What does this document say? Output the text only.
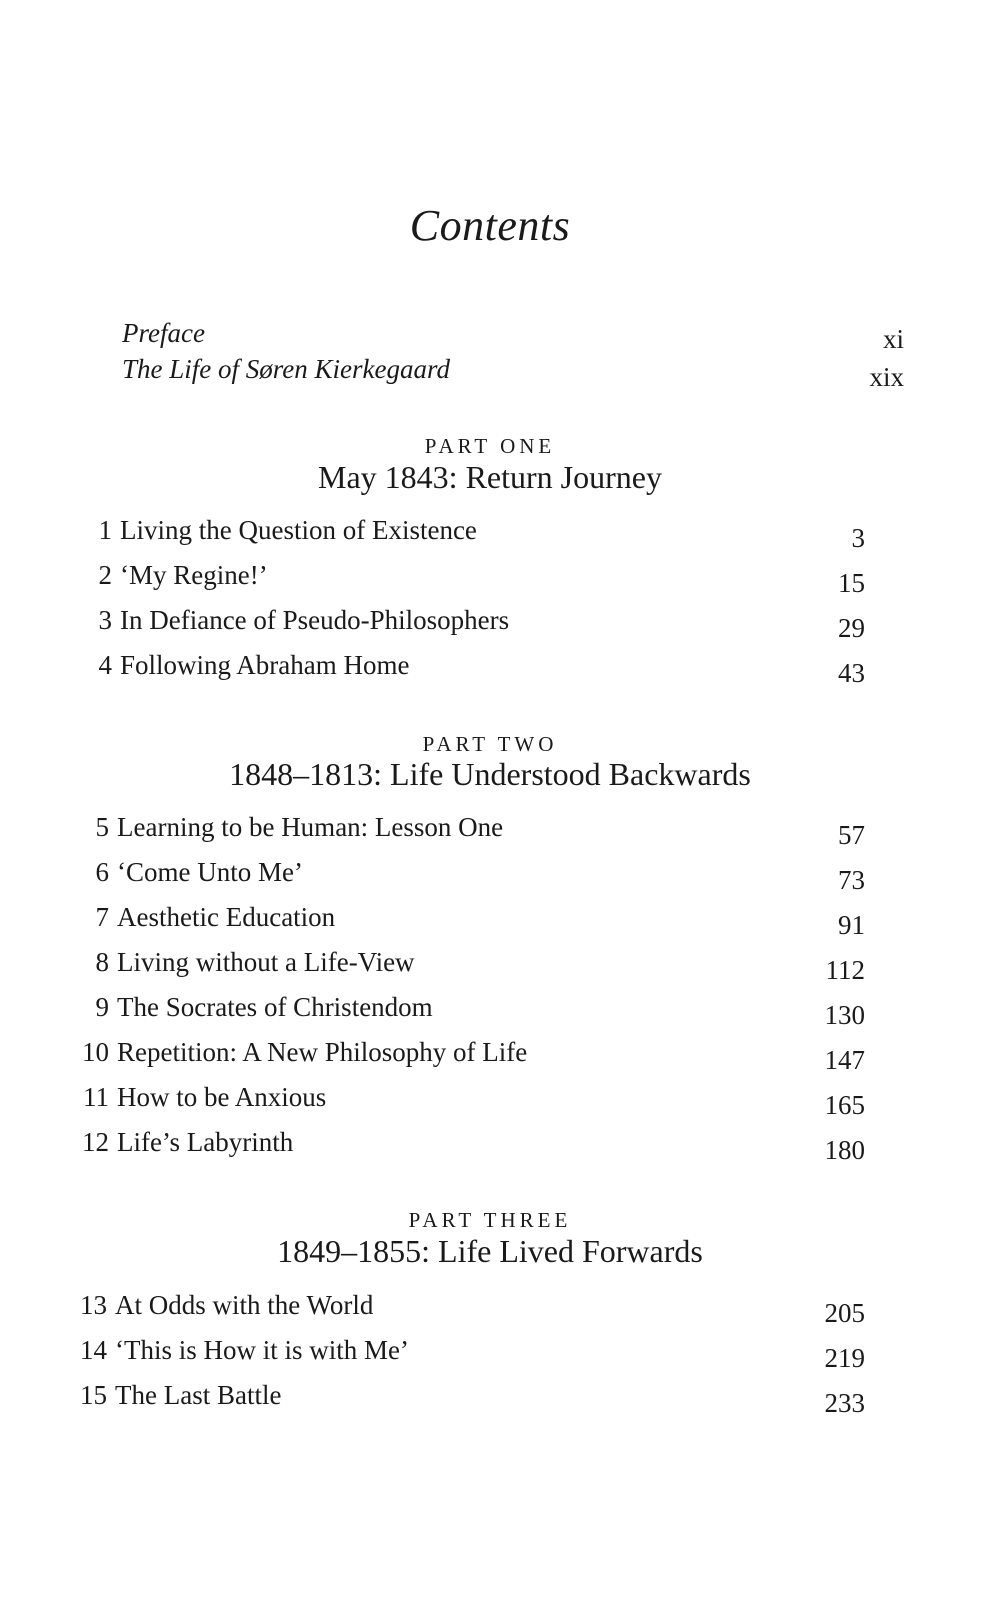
Contents
Preface	xi
The Life of Søren Kierkegaard	xix
PART ONE
May 1843: Return Journey
1 Living the Question of Existence	3
2 ‘My Regine!’	15
3 In Defiance of Pseudo-Philosophers	29
4 Following Abraham Home	43
PART TWO
1848–1813: Life Understood Backwards
5 Learning to be Human: Lesson One	57
6 ‘Come Unto Me’	73
7 Aesthetic Education	91
8 Living without a Life-View	112
9 The Socrates of Christendom	130
10 Repetition: A New Philosophy of Life	147
11 How to be Anxious	165
12 Life’s Labyrinth	180
PART THREE
1849–1855: Life Lived Forwards
13 At Odds with the World	205
14 ‘This is How it is with Me’	219
15 The Last Battle	233
